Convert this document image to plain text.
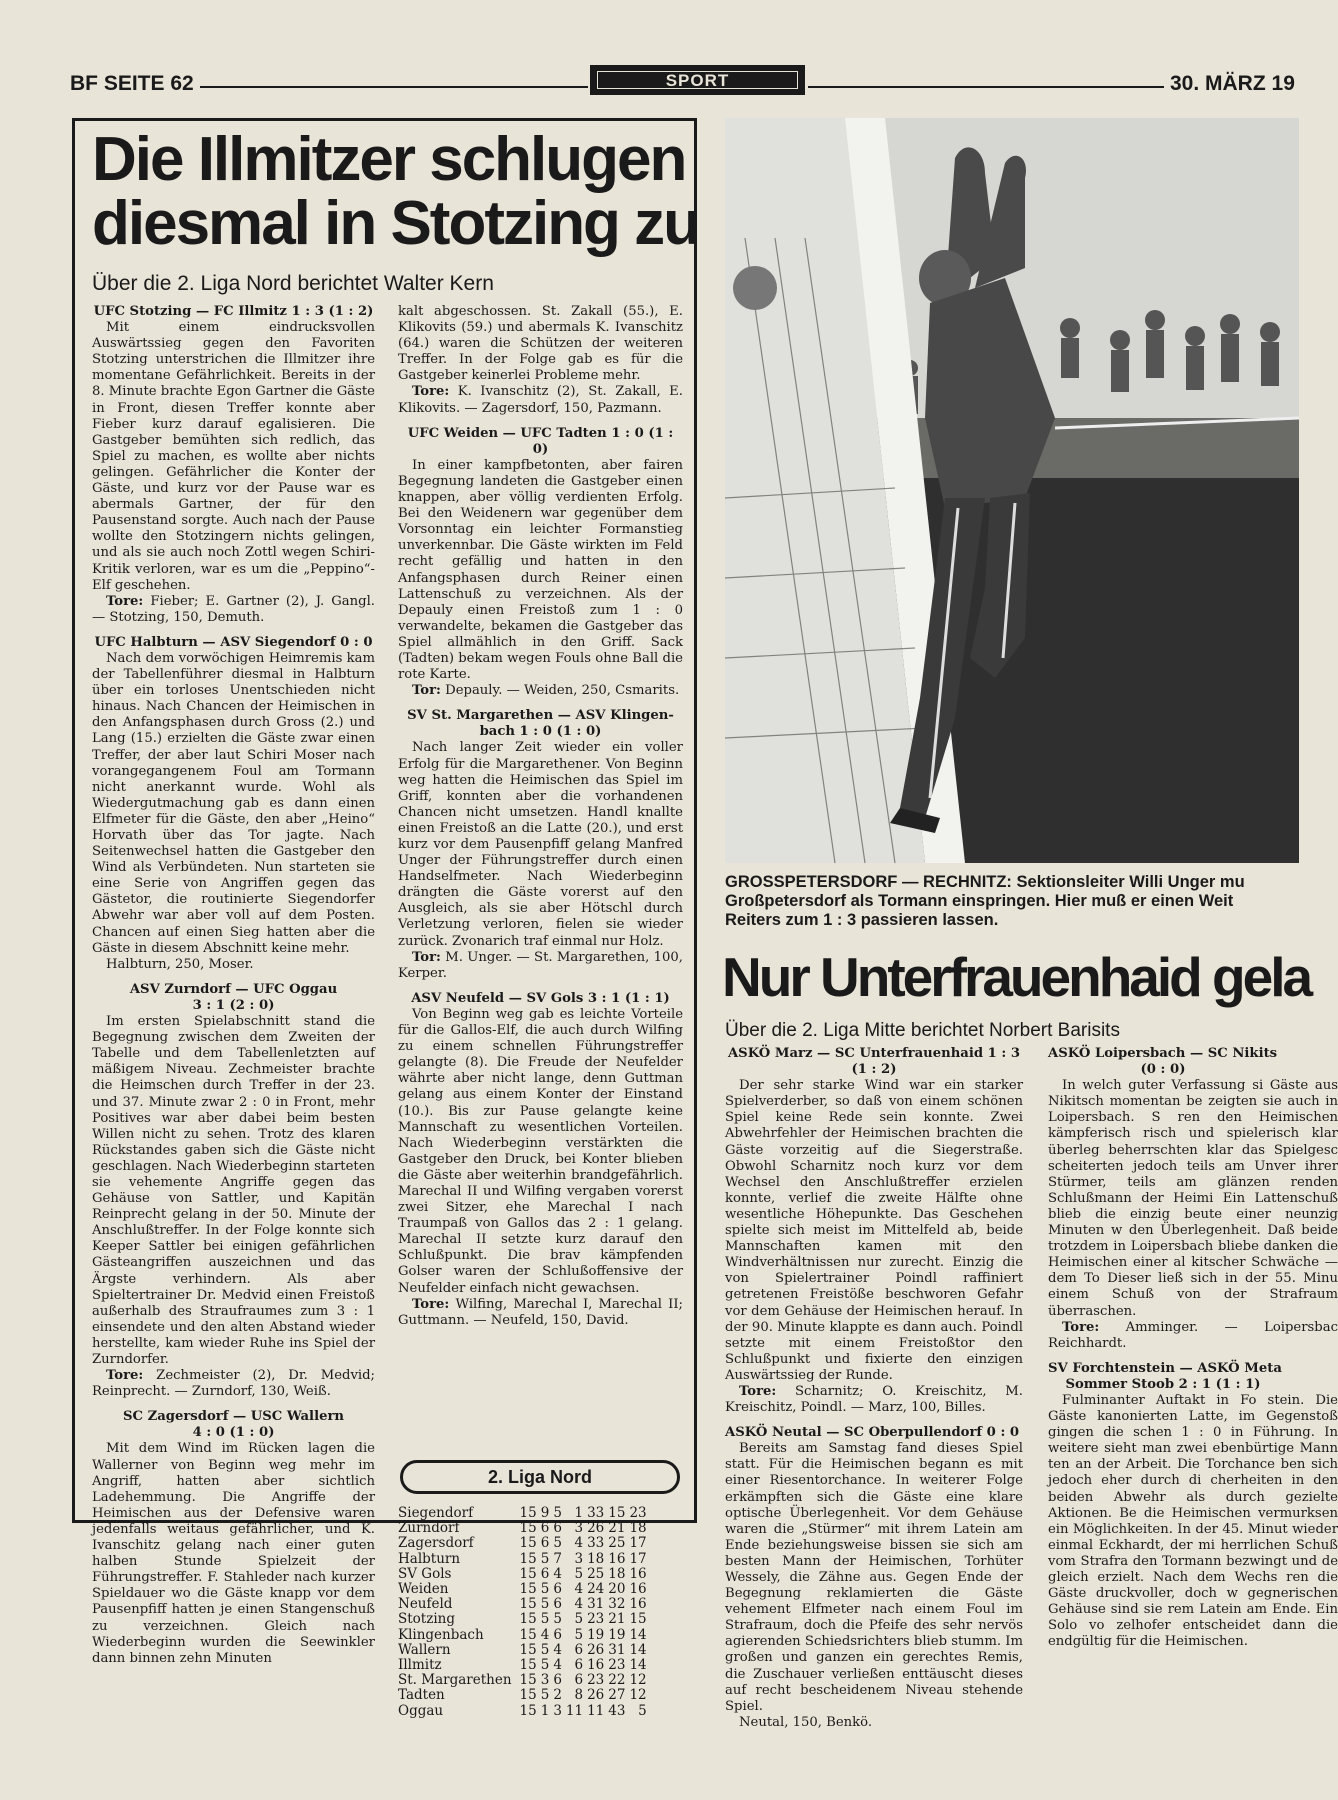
BF SEITE 62	SPORT	30. MÄRZ 19
Die Illmitzer schlugen
diesmal in Stotzing zu
Über die 2. Liga Nord berichtet Walter Kern

UFC Stotzing — FC Illmitz 1 : 3 (1 : 2)

Mit einem eindrucksvollen Auswärtssieg gegen den Favoriten Stotzing unterstrichen die Illmitzer ihre momentane Gefährlichkeit. Bereits in der 8. Minute brachte Egon Gartner die Gäste in Front, diesen Treffer konnte aber Fieber kurz darauf egalisieren. Die Gastgeber bemühten sich redlich, das Spiel zu machen, es wollte aber nichts gelingen. Gefährlicher die Konter der Gäste, und kurz vor der Pause war es abermals Gartner, der für den Pausenstand sorgte. Auch nach der Pause wollte den Stotzingern nichts gelingen, und als sie auch noch Zottl wegen Schiri-Kritik verloren, war es um die „Peppino“-Elf geschehen.

Tore: Fieber; E. Gartner (2), J. Gangl. — Stotzing, 150, Demuth.

UFC Halbturn — ASV Siegendorf 0 : 0

Nach dem vorwöchigen Heimremis kam der Tabellenführer diesmal in Halbturn über ein torloses Unentschieden nicht hinaus. Nach Chancen der Heimischen in den Anfangsphasen durch Gross (2.) und Lang (15.) erzielten die Gäste zwar einen Treffer, der aber laut Schiri Moser nach vorangegangenem Foul am Tormann nicht anerkannt wurde. Wohl als Wiedergutmachung gab es dann einen Elfmeter für die Gäste, den aber „Heino“ Horvath über das Tor jagte. Nach Seitenwechsel hatten die Gastgeber den Wind als Verbündeten. Nun starteten sie eine Serie von Angriffen gegen das Gästetor, die routinierte Siegendorfer Abwehr war aber voll auf dem Posten. Chancen auf einen Sieg hatten aber die Gäste in diesem Abschnitt keine mehr.

Halbturn, 250, Moser.

ASV Zurndorf — UFC Oggau

3 : 1 (2 : 0)

Im ersten Spielabschnitt stand die Begegnung zwischen dem Zweiten der Tabelle und dem Tabellenletzten auf mäßigem Niveau. Zechmeister brachte die Heimschen durch Treffer in der 23. und 37. Minute zwar 2 : 0 in Front, mehr Positives war aber dabei beim besten Willen nicht zu sehen. Trotz des klaren Rückstandes gaben sich die Gäste nicht geschlagen. Nach Wiederbeginn starteten sie vehemente Angriffe gegen das Gehäuse von Sattler, und Kapitän Reinprecht gelang in der 50. Minute der Anschlußtreffer. In der Folge konnte sich Keeper Sattler bei einigen gefährlichen Gästeangriffen auszeichnen und das Ärgste verhindern. Als aber Spieltertrainer Dr. Medvid einen Freistoß außerhalb des Straufraumes zum 3 : 1 einsendete und den alten Abstand wieder herstellte, kam wieder Ruhe ins Spiel der Zurndorfer.

Tore: Zechmeister (2), Dr. Medvid; Reinprecht. — Zurndorf, 130, Weiß.

SC Zagersdorf — USC Wallern

4 : 0 (1 : 0)

Mit dem Wind im Rücken lagen die Wallerner von Beginn weg mehr im Angriff, hatten aber sichtlich Ladehemmung. Die Angriffe der Heimischen aus der Defensive waren jedenfalls weitaus gefährlicher, und K. Ivanschitz gelang nach einer guten halben Stunde Spielzeit der Führungstreffer. F. Stahleder nach kurzer Spieldauer wo die Gäste knapp vor dem Pausenpfiff hatten je einen Stangenschuß zu verzeichnen. Gleich nach Wiederbeginn wurden die Seewinkler dann binnen zehn Minuten

kalt abgeschossen. St. Zakall (55.), E. Klikovits (59.) und abermals K. Ivanschitz (64.) waren die Schützen der weiteren Treffer. In der Folge gab es für die Gastgeber keinerlei Probleme mehr.

Tore: K. Ivanschitz (2), St. Zakall, E. Klikovits. — Zagersdorf, 150, Pazmann.

UFC Weiden — UFC Tadten 1 : 0 (1 : 0)

In einer kampfbetonten, aber fairen Begegnung landeten die Gastgeber einen knappen, aber völlig verdienten Erfolg. Bei den Weidenern war gegenüber dem Vorsonntag ein leichter Formanstieg unverkennbar. Die Gäste wirkten im Feld recht gefällig und hatten in den Anfangsphasen durch Reiner einen Lattenschuß zu verzeichnen. Als der Depauly einen Freistoß zum 1 : 0 verwandelte, bekamen die Gastgeber das Spiel allmählich in den Griff. Sack (Tadten) bekam wegen Fouls ohne Ball die rote Karte.

Tor: Depauly. — Weiden, 250, Csmarits.

SV St. Margarethen — ASV Klingen-

bach 1 : 0 (1 : 0)

Nach langer Zeit wieder ein voller Erfolg für die Margarethener. Von Beginn weg hatten die Heimischen das Spiel im Griff, konnten aber die vorhandenen Chancen nicht umsetzen. Handl knallte einen Freistoß an die Latte (20.), und erst kurz vor dem Pausenpfiff gelang Manfred Unger der Führungstreffer durch einen Handselfmeter. Nach Wiederbeginn drängten die Gäste vorerst auf den Ausgleich, als sie aber Hötschl durch Verletzung verloren, fielen sie wieder zurück. Zvonarich traf einmal nur Holz.

Tor: M. Unger. — St. Margarethen, 100, Kerper.

ASV Neufeld — SV Gols 3 : 1 (1 : 1)

Von Beginn weg gab es leichte Vorteile für die Gallos-Elf, die auch durch Wilfing zu einem schnellen Führungstreffer gelangte (8). Die Freude der Neufelder währte aber nicht lange, denn Guttman gelang aus einem Konter der Einstand (10.). Bis zur Pause gelangte keine Mannschaft zu wesentlichen Vorteilen. Nach Wiederbeginn verstärkten die Gastgeber den Druck, bei Konter blieben die Gäste aber weiterhin brandgefährlich. Marechal II und Wilfing vergaben vorerst zwei Sitzer, ehe Marechal I nach Traumpaß von Gallos das 2 : 1 gelang. Marechal II setzte kurz darauf den Schlußpunkt. Die brav kämpfenden Golser waren der Schlußoffensive der Neufelder einfach nicht gewachsen.

Tore: Wilfing, Marechal I, Marechal II; Guttmann. — Neufeld, 150, David.

2. Liga Nord
Siegendorf	15	9	5	1	33	15	23
Zurndorf	15	6	6	3	26	21	18
Zagersdorf	15	6	5	4	33	25	17
Halbturn	15	5	7	3	18	16	17
SV Gols	15	6	4	5	25	18	16
Weiden	15	5	6	4	24	20	16
Neufeld	15	5	6	4	31	32	16
Stotzing	15	5	5	5	23	21	15
Klingenbach	15	4	6	5	19	19	14
Wallern	15	5	4	6	26	31	14
Illmitz	15	5	4	6	16	23	14
St. Margarethen	15	3	6	6	23	22	12
Tadten	15	5	2	8	26	27	12
Oggau	15	1	3	11	11	43	5
GROSSPETERSDORF — RECHNITZ: Sektionsleiter Willi Unger mu
Großpetersdorf als Tormann einspringen. Hier muß er einen Weit
Reiters zum 1 : 3 passieren lassen.
Nur Unterfrauenhaid gela
Über die 2. Liga Mitte berichtet Norbert Barisits

ASKÖ Marz — SC Unterfrauenhaid 1 : 3

(1 : 2)

Der sehr starke Wind war ein starker Spielverderber, so daß von einem schönen Spiel keine Rede sein konnte. Zwei Abwehrfehler der Heimischen brachten die Gäste vorzeitig auf die Siegerstraße. Obwohl Scharnitz noch kurz vor dem Wechsel den Anschlußtreffer erzielen konnte, verlief die zweite Hälfte ohne wesentliche Höhepunkte. Das Geschehen spielte sich meist im Mittelfeld ab, beide Mannschaften kamen mit den Windverhältnissen nur zurecht. Einzig die von Spielertrainer Poindl raffiniert getretenen Freistöße beschworen Gefahr vor dem Gehäuse der Heimischen herauf. In der 90. Minute klappte es dann auch. Poindl setzte mit einem Freistoßtor den Schlußpunkt und fixierte den einzigen Auswärtssieg der Runde.

Tore: Scharnitz; O. Kreischitz, M. Kreischitz, Poindl. — Marz, 100, Billes.

ASKÖ Neutal — SC Oberpullendorf 0 : 0

Bereits am Samstag fand dieses Spiel statt. Für die Heimischen begann es mit einer Riesentorchance. In weiterer Folge erkämpften sich die Gäste eine klare optische Überlegenheit. Vor dem Gehäuse waren die „Stürmer“ mit ihrem Latein am Ende beziehungsweise bissen sie sich am besten Mann der Heimischen, Torhüter Wessely, die Zähne aus. Gegen Ende der Begegnung reklamierten die Gäste vehement Elfmeter nach einem Foul im Strafraum, doch die Pfeife des sehr nervös agierenden Schiedsrichters blieb stumm. Im großen und ganzen ein gerechtes Remis, die Zuschauer verließen enttäuscht dieses auf recht bescheidenem Niveau stehende Spiel.

Neutal, 150, Benkö.

ASKÖ Loipersbach — SC Nikits

(0 : 0)

In welch guter Verfassung si Gäste aus Nikitsch momentan be zeigten sie auch in Loipersbach. S ren den Heimischen kämpferisch risch und spielerisch klar überleg beherrschten klar das Spielgesc scheiterten jedoch teils am Unver ihrer Stürmer, teils am glänzen renden Schlußmann der Heimi Ein Lattenschuß blieb die einzig beute einer neunzig Minuten w den Überlegenheit. Daß beide trotzdem in Loipersbach bliebe danken die Heimischen einer al kitscher Schwäche — dem To Dieser ließ sich in der 55. Minu einem Schuß von der Strafraum überraschen.

Tore: Amminger. — Loipersbac Reichhardt.

SV Forchtenstein — ASKÖ Meta

Sommer Stoob 2 : 1 (1 : 1)

Fulminanter Auftakt in Fo stein. Die Gäste kanonierten Latte, im Gegenstoß gingen die schen 1 : 0 in Führung. In weitere sieht man zwei ebenbürtige Mann ten an der Arbeit. Die Torchance ben sich jedoch eher durch di cherheiten in den beiden Abwehr als durch gezielte Aktionen. Be die Heimischen vermurksen ein Möglichkeiten. In der 45. Minut wieder einmal Eckhardt, der mi herrlichen Schuß vom Strafra den Tormann bezwingt und de gleich erzielt. Nach dem Wechs ren die Gäste druckvoller, doch w gegnerischen Gehäuse sind sie rem Latein am Ende. Ein Solo vo zelhofer entscheidet dann die endgültig für die Heimischen.
